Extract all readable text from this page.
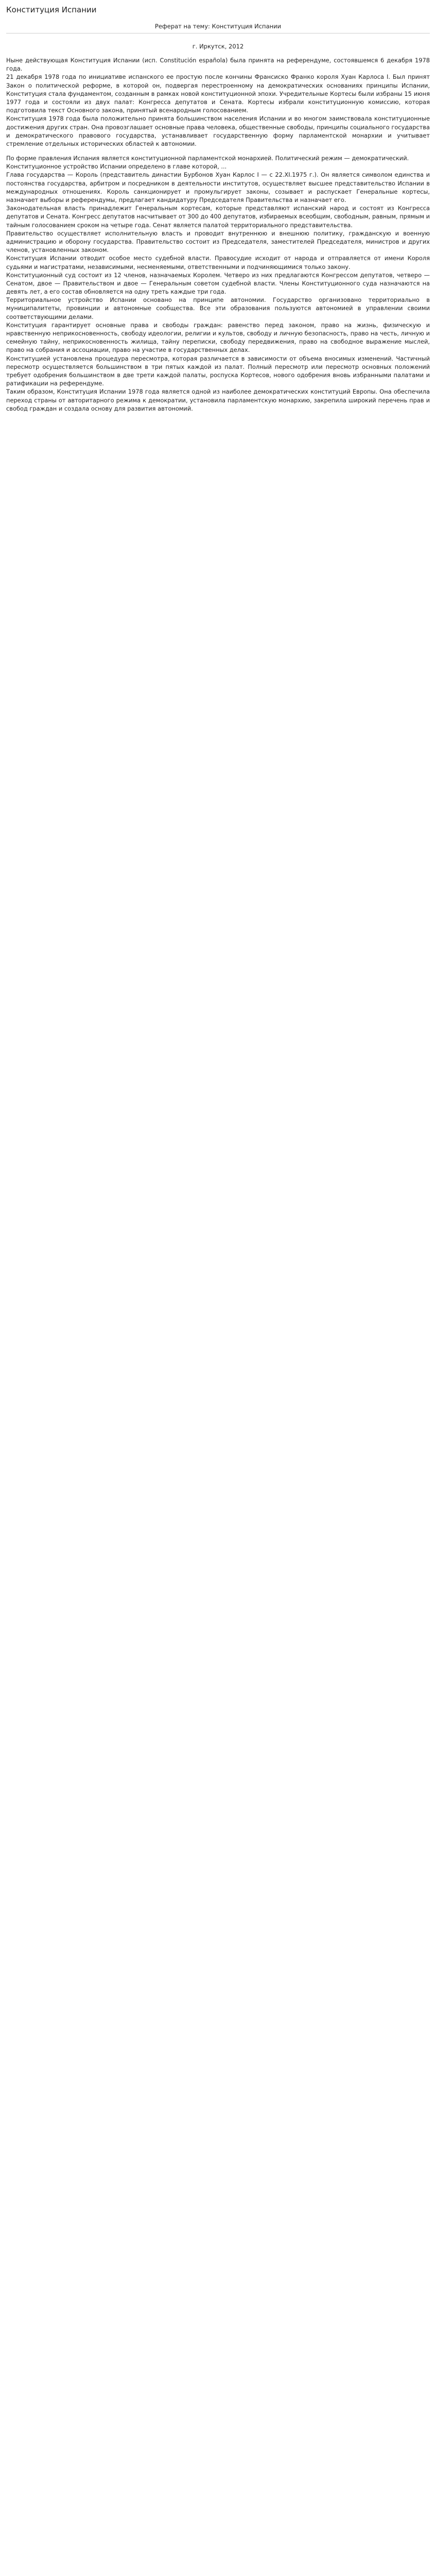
Конституция Испании

Реферат на тему: Конституция Испании

г. Иркутск, 2012

Ныне действующая Конституция Испании (исп. Constitución española) была принята на референдуме, состоявшемся 6 декабря 1978 года.

21 декабря 1978 года по инициативе испанского ее простую после кончины Франсиско Франко короля Хуан Карлоса I. Был принят Закон о политической реформе, в которой он, подвергая перестроенному на демократических основаниях принципы Испании, Конституция стала фундаментом, созданным в рамках новой конституционной эпохи. Учредительные Кортесы были избраны 15 июня 1977 года и состояли из двух палат: Конгресса депутатов и Сената. Кортесы избрали конституционную комиссию, которая подготовила текст Основного закона, принятый всенародным голосованием.

Конституция 1978 года была положительно принята большинством населения Испании и во многом заимствовала конституционные достижения других стран. Она провозглашает основные права человека, общественные свободы, принципы социального государства и демократического правового государства, устанавливает государственную форму парламентской монархии и учитывает стремление отдельных исторических областей к автономии.

По форме правления Испания является конституционной парламентской монархией. Политический режим — демократический.

Конституционное устройство Испании определено в главе которой, ...

Глава государства — Король (представитель династии Бурбонов Хуан Карлос I — с 22.XI.1975 г.). Он является символом единства и постоянства государства, арбитром и посредником в деятельности институтов, осуществляет высшее представительство Испании в международных отношениях. Король санкционирует и промульгирует законы, созывает и распускает Генеральные кортесы, назначает выборы и референдумы, предлагает кандидатуру Председателя Правительства и назначает его.

Законодательная власть принадлежит Генеральным кортесам, которые представляют испанский народ и состоят из Конгресса депутатов и Сената. Конгресс депутатов насчитывает от 300 до 400 депутатов, избираемых всеобщим, свободным, равным, прямым и тайным голосованием сроком на четыре года. Сенат является палатой территориального представительства.

Правительство осуществляет исполнительную власть и проводит внутреннюю и внешнюю политику, гражданскую и военную администрацию и оборону государства. Правительство состоит из Председателя, заместителей Председателя, министров и других членов, установленных законом.

Конституция Испании отводит особое место судебной власти. Правосудие исходит от народа и отправляется от имени Короля судьями и магистратами, независимыми, несменяемыми, ответственными и подчиняющимися только закону.

Конституционный суд состоит из 12 членов, назначаемых Королем. Четверо из них предлагаются Конгрессом депутатов, четверо — Сенатом, двое — Правительством и двое — Генеральным советом судебной власти. Члены Конституционного суда назначаются на девять лет, а его состав обновляется на одну треть каждые три года.

Территориальное устройство Испании основано на принципе автономии. Государство организовано территориально в муниципалитеты, провинции и автономные сообщества. Все эти образования пользуются автономией в управлении своими соответствующими делами.

Конституция гарантирует основные права и свободы граждан: равенство перед законом, право на жизнь, физическую и нравственную неприкосновенность, свободу идеологии, религии и культов, свободу и личную безопасность, право на честь, личную и семейную тайну, неприкосновенность жилища, тайну переписки, свободу передвижения, право на свободное выражение мыслей, право на собрания и ассоциации, право на участие в государственных делах.

Конституцией установлена процедура пересмотра, которая различается в зависимости от объема вносимых изменений. Частичный пересмотр осуществляется большинством в три пятых каждой из палат. Полный пересмотр или пересмотр основных положений требует одобрения большинством в две трети каждой палаты, роспуска Кортесов, нового одобрения вновь избранными палатами и ратификации на референдуме.

Таким образом, Конституция Испании 1978 года является одной из наиболее демократических конституций Европы. Она обеспечила переход страны от авторитарного режима к демократии, установила парламентскую монархию, закрепила широкий перечень прав и свобод граждан и создала основу для развития автономий.
